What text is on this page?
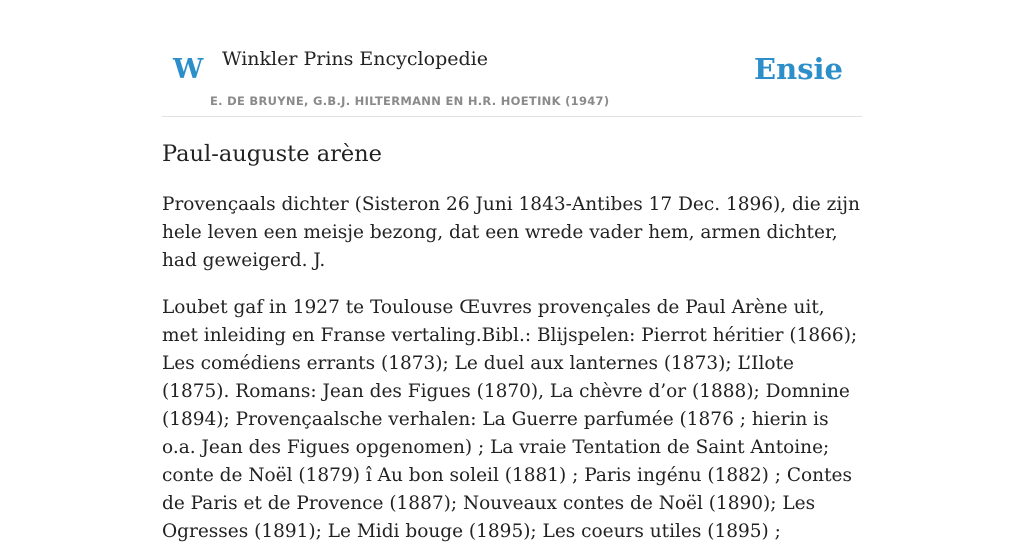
W Winkler Prins Encyclopedie
E. DE BRUYNE, G.B.J. HILTERMANN EN H.R. HOETINK (1947)
Ensie
Paul-auguste arène

Provençaals dichter (Sisteron 26 Juni 1843-Antibes 17 Dec. 1896), die zijn hele leven een meisje bezong, dat een wrede vader hem, armen dichter, had geweigerd. J.

Loubet gaf in 1927 te Toulouse Œuvres provençales de Paul Arène uit, met inleiding en Franse vertaling.Bibl.: Blijspelen: Pierrot héritier (1866); Les comédiens errants (1873); Le duel aux lanternes (1873); L’Ilote (1875). Romans: Jean des Figues (1870), La chèvre d’or (1888); Domnine (1894); Provençaalsche verhalen: La Guerre parfumée (1876 ; hierin is o.a. Jean des Figues opgenomen) ; La vraie Tentation de Saint Antoine; conte de Noël (1879) î Au bon soleil (1881) ; Paris ingénu (1882) ; Contes de Paris et de Provence (1887); Nouveaux contes de Noël (1890); Les Ogresses (1891); Le Midi bouge (1895); Les coeurs utiles (1895) ;
